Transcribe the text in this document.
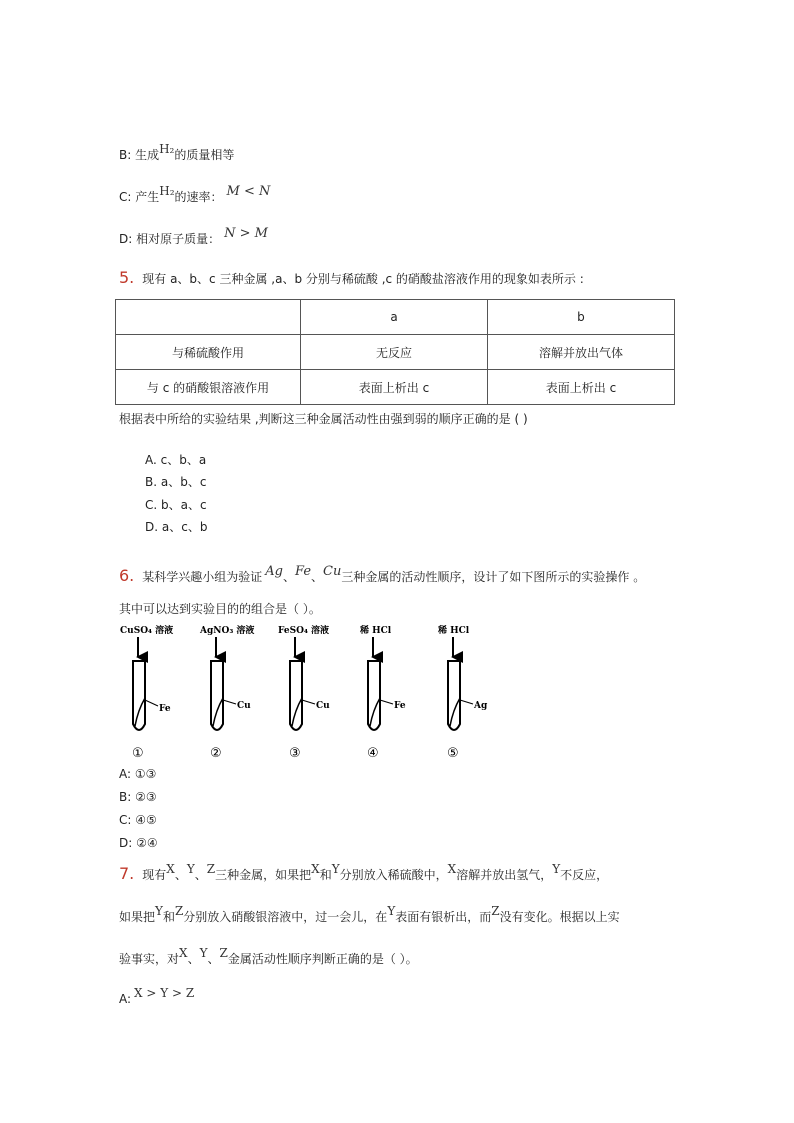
B: 生成H₂的质量相等
C: 产生H₂的速率： M < N
D: 相对原子质量： N > M
5. 现有 a、b、c 三种金属 ,a、b 分别与稀硫酸 ,c 的硝酸盐溶液作用的现象如表所示 :
	a	b
与稀硫酸作用	无反应	溶解并放出气体
与 c 的硝酸银溶液作用	表面上析出 c	表面上析出 c
根据表中所给的实验结果 ,判断这三种金属活动性由强到弱的顺序正确的是 ( )
A. c、b、a
B. a、b、c
C. b、a、c
D. a、c、b
6. 某科学兴趣小组为验证 Ag、Fe、Cu三种金属的活动性顺序，设计了如下图所示的实验操作 。
其中可以达到实验目的的组合是（ ）。
CuSO₄ 溶液
Fe
①
AgNO₃ 溶液
Cu
②
FeSO₄ 溶液
Cu
③
稀 HCl
Fe
④
稀 HCl
Ag
⑤
A: ①③
B: ②③
C: ④⑤
D: ②④
7. 现有X、Y、Z三种金属，如果把X和Y分别放入稀硫酸中，X溶解并放出氢气，Y不反应，
如果把Y和Z分别放入硝酸银溶液中，过一会儿，在Y表面有银析出，而Z没有变化。根据以上实
验事实，对X、Y、Z金属活动性顺序判断正确的是（ ）。
A: X > Y > Z
